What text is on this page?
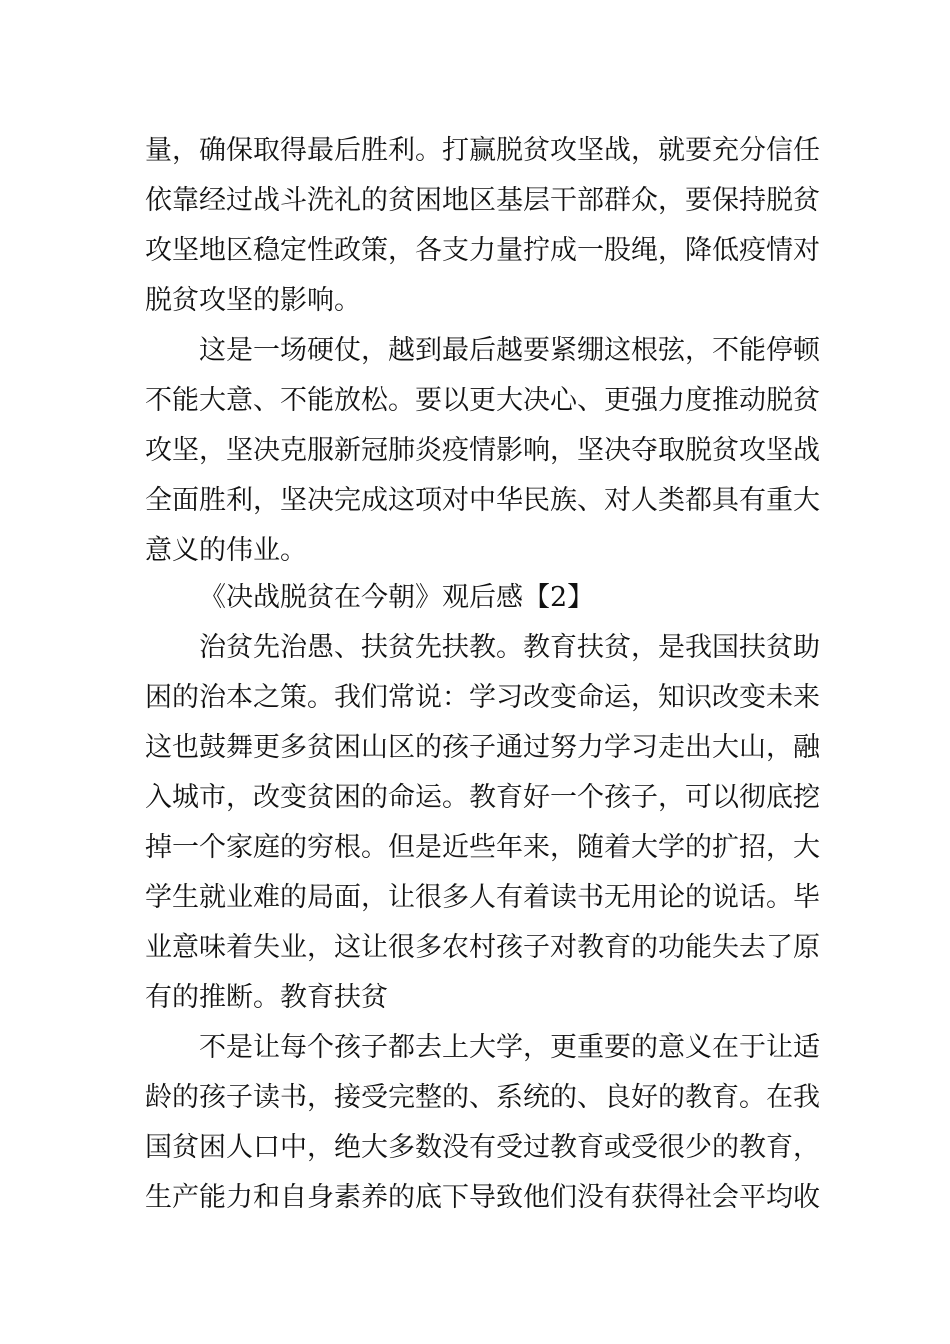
量，确保取得最后胜利。打赢脱贫攻坚战，就要充分信任
依靠经过战斗洗礼的贫困地区基层干部群众，要保持脱贫
攻坚地区稳定性政策，各支力量拧成一股绳，降低疫情对
脱贫攻坚的影响。
这是一场硬仗，越到最后越要紧绷这根弦，不能停顿
不能大意、不能放松。要以更大决心、更强力度推动脱贫
攻坚，坚决克服新冠肺炎疫情影响，坚决夺取脱贫攻坚战
全面胜利，坚决完成这项对中华民族、对人类都具有重大
意义的伟业。
《决战脱贫在今朝》观后感【2】
治贫先治愚、扶贫先扶教。教育扶贫，是我国扶贫助
困的治本之策。我们常说：学习改变命运，知识改变未来
这也鼓舞更多贫困山区的孩子通过努力学习走出大山，融
入城市，改变贫困的命运。教育好一个孩子，可以彻底挖
掉一个家庭的穷根。但是近些年来，随着大学的扩招，大
学生就业难的局面，让很多人有着读书无用论的说话。毕
业意味着失业，这让很多农村孩子对教育的功能失去了原
有的推断。教育扶贫
不是让每个孩子都去上大学，更重要的意义在于让适
龄的孩子读书，接受完整的、系统的、良好的教育。在我
国贫困人口中，绝大多数没有受过教育或受很少的教育，
生产能力和自身素养的底下导致他们没有获得社会平均收
